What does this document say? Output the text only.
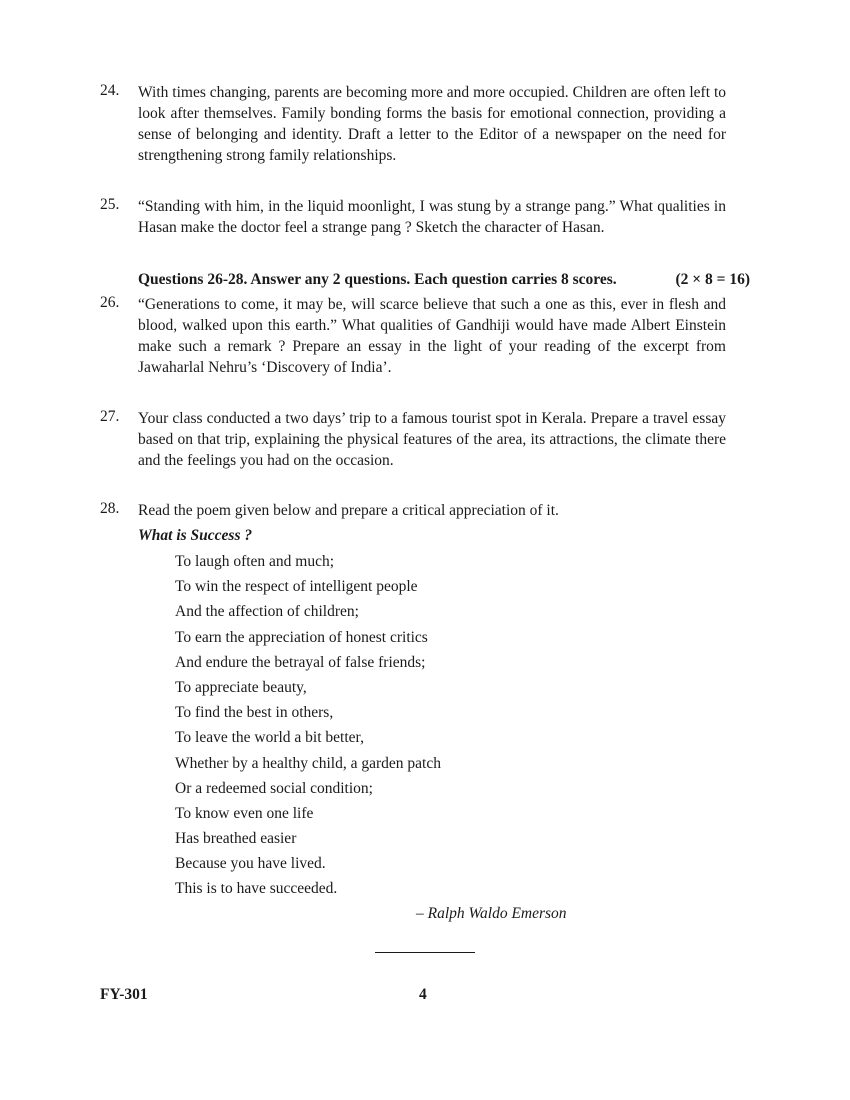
24. With times changing, parents are becoming more and more occupied. Children are often left to look after themselves. Family bonding forms the basis for emotional connection, providing a sense of belonging and identity. Draft a letter to the Editor of a newspaper on the need for strengthening strong family relationships.
25. “Standing with him, in the liquid moonlight, I was stung by a strange pang.” What qualities in Hasan make the doctor feel a strange pang ? Sketch the character of Hasan.
Questions 26-28. Answer any 2 questions. Each question carries 8 scores.	(2 × 8 = 16)
26. “Generations to come, it may be, will scarce believe that such a one as this, ever in flesh and blood, walked upon this earth.” What qualities of Gandhiji would have made Albert Einstein make such a remark ? Prepare an essay in the light of your reading of the excerpt from Jawaharlal Nehru’s ‘Discovery of India’.
27. Your class conducted a two days’ trip to a famous tourist spot in Kerala. Prepare a travel essay based on that trip, explaining the physical features of the area, its attractions, the climate there and the feelings you had on the occasion.
28. Read the poem given below and prepare a critical appreciation of it.
What is Success ?
To laugh often and much;
To win the respect of intelligent people
And the affection of children;
To earn the appreciation of honest critics
And endure the betrayal of false friends;
To appreciate beauty,
To find the best in others,
To leave the world a bit better,
Whether by a healthy child, a garden patch
Or a redeemed social condition;
To know even one life
Has breathed easier
Because you have lived.
This is to have succeeded.
– Ralph Waldo Emerson
FY-301	4
